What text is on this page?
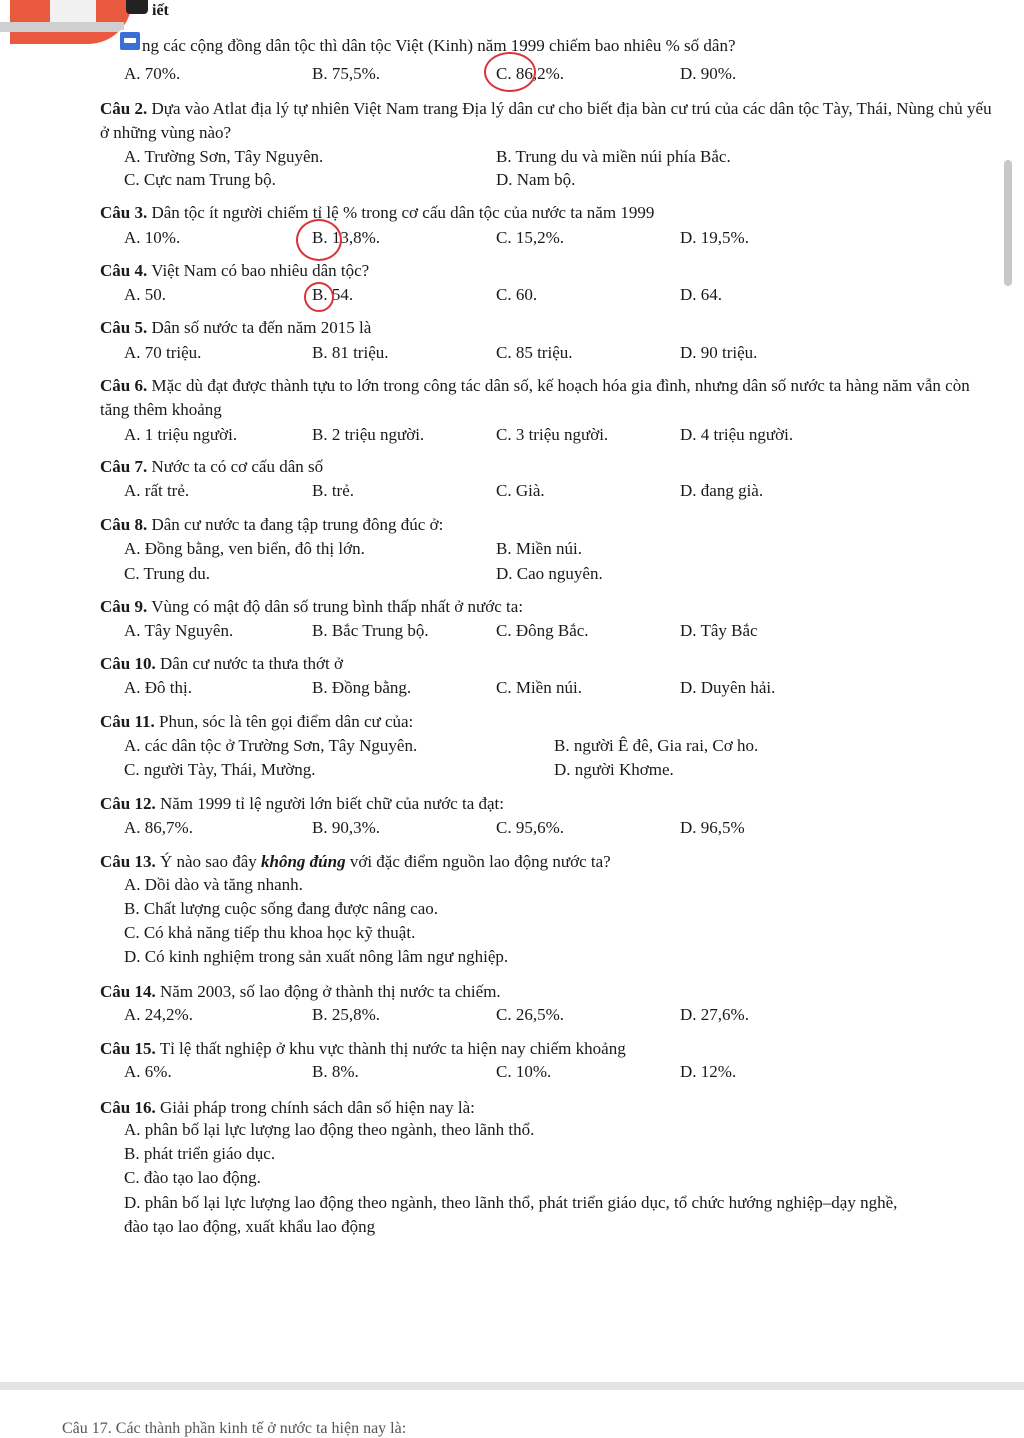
iết
ng các cộng đồng dân tộc thì dân tộc Việt (Kinh) năm 1999 chiếm bao nhiêu % số dân?
A. 70%.	B. 75,5%.	C. 86,2%.	D. 90%.
Câu 2. Dựa vào Atlat địa lý tự nhiên Việt Nam trang Địa lý dân cư cho biết địa bàn cư trú của các dân tộc Tày, Thái, Nùng chủ yếu ở những vùng nào?
A. Trường Sơn, Tây Nguyên.	B. Trung du và miền núi phía Bắc.
C. Cực nam Trung bộ.	D. Nam bộ.
Câu 3. Dân tộc ít người chiếm tỉ lệ % trong cơ cấu dân tộc của nước ta năm 1999
A. 10%.	B. 13,8%.	C. 15,2%.	D. 19,5%.
Câu 4. Việt Nam có bao nhiêu dân tộc?
A. 50.	B. 54.	C. 60.	D. 64.
Câu 5. Dân số nước ta đến năm 2015 là
A. 70 triệu.	B. 81 triệu.	C. 85 triệu.	D. 90 triệu.
Câu 6. Mặc dù đạt được thành tựu to lớn trong công tác dân số, kế hoạch hóa gia đình, nhưng dân số nước ta hàng năm vẫn còn tăng thêm khoảng
A. 1 triệu người.	B. 2 triệu người.	C. 3 triệu người.	D. 4 triệu người.
Câu 7. Nước ta có cơ cấu dân số
A. rất trẻ.	B. trẻ.	C. Già.	D. đang già.
Câu 8. Dân cư nước ta đang tập trung đông đúc ở:
A. Đồng bằng, ven biển, đô thị lớn.	B. Miền núi.
C. Trung du.	D. Cao nguyên.
Câu 9. Vùng có mật độ dân số trung bình thấp nhất ở nước ta:
A. Tây Nguyên.	B. Bắc Trung bộ.	C. Đông Bắc.	D. Tây Bắc
Câu 10. Dân cư nước ta thưa thớt ở
A. Đô thị.	B. Đồng bằng.	C. Miền núi.	D. Duyên hải.
Câu 11. Phun, sóc là tên gọi điểm dân cư của:
A. các dân tộc ở Trường Sơn, Tây Nguyên.	B. người Ê đê, Gia rai, Cơ ho.
C. người Tày, Thái, Mường.	D. người Khơme.
Câu 12. Năm 1999 tỉ lệ người lớn biết chữ của nước ta đạt:
A. 86,7%.	B. 90,3%.	C. 95,6%.	D. 96,5%
Câu 13. Ý nào sao đây không đúng với đặc điểm nguồn lao động nước ta?
A. Dồi dào và tăng nhanh.
B. Chất lượng cuộc sống đang được nâng cao.
C. Có khả năng tiếp thu khoa học kỹ thuật.
D. Có kinh nghiệm trong sản xuất nông lâm ngư nghiệp.
Câu 14. Năm 2003, số lao động ở thành thị nước ta chiếm.
A. 24,2%.	B. 25,8%.	C. 26,5%.	D. 27,6%.
Câu 15. Tỉ lệ thất nghiệp ở khu vực thành thị nước ta hiện nay chiếm khoảng
A. 6%.	B. 8%.	C. 10%.	D. 12%.
Câu 16. Giải pháp trong chính sách dân số hiện nay là:
A. phân bố lại lực lượng lao động theo ngành, theo lãnh thổ.
B. phát triển giáo dục.
C. đào tạo lao động.
D. phân bố lại lực lượng lao động theo ngành, theo lãnh thổ, phát triển giáo dục, tổ chức hướng nghiệp–dạy nghề, đào tạo lao động, xuất khẩu lao động
Câu 17. Các thành phần kinh tế ở nước ta hiện nay là:
